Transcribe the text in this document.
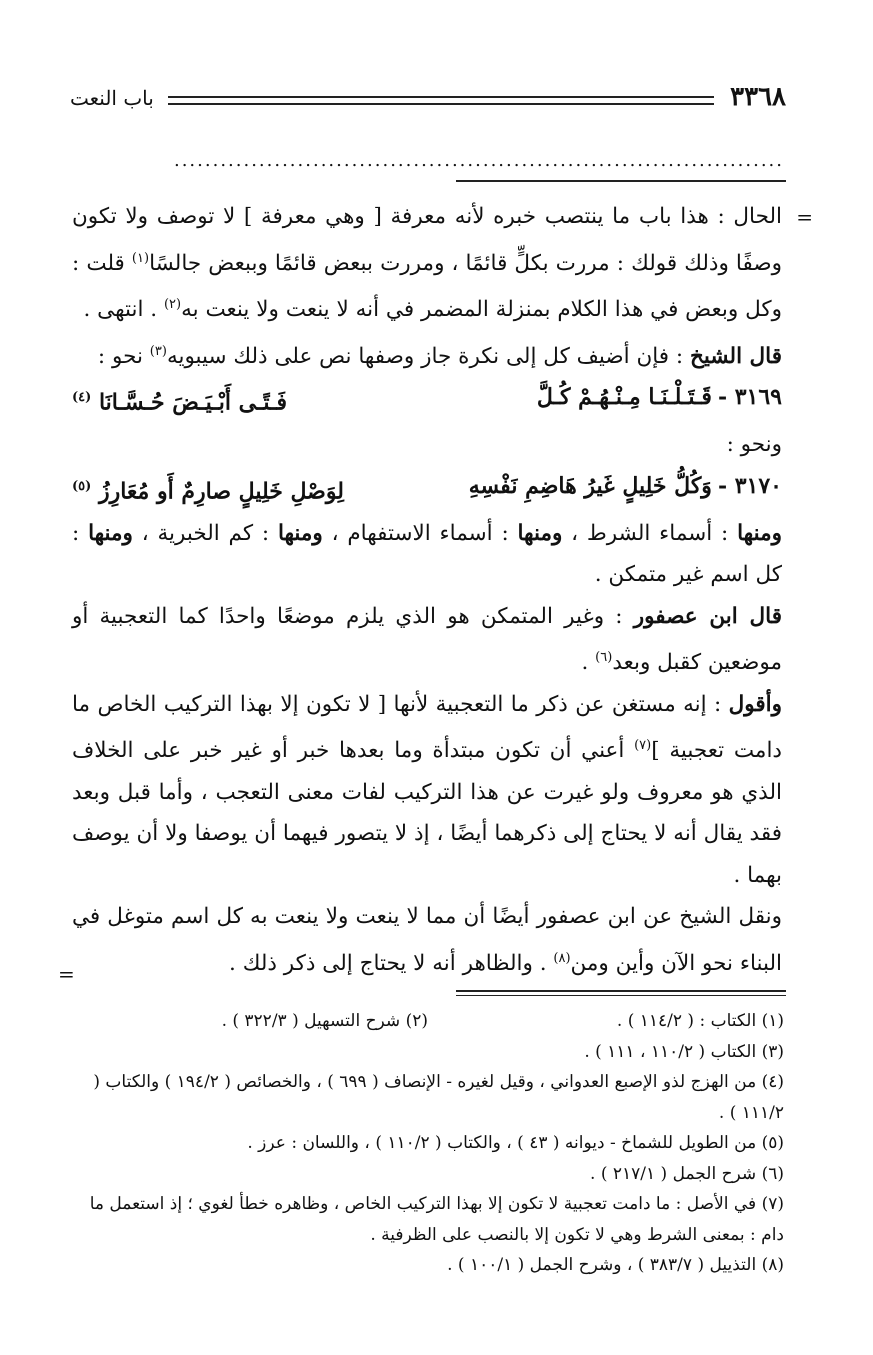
٣٣٦٨
باب النعت
...............................................................................
=
=

الحال : هذا باب ما ينتصب خبره لأنه معرفة [ وهي معرفة ] لا توصف ولا تكون وصفًا وذلك قولك : مررت بكلٍّ قائمًا ، ومررت ببعض قائمًا وببعض جالسًا$^{(١)}$ قلت : وكل وبعض في هذا الكلام بمنزلة المضمر في أنه لا ينعت ولا ينعت به$^{(٢)}$ . انتهى .

قال الشيخ : فإن أضيف كل إلى نكرة جاز وصفها نص على ذلك سيبويه$^{(٣)}$ نحو :

٣١٦٩ -قَـتَـلْـنَـا مِـنْـهُـمْ كُـلَّ
فَـتًـى أَبْـيَـضَ حُـسَّـانَا $^{(٤)}$

ونحو :

٣١٧٠ -وَكُلُّ خَلِيلٍ غَيرُ هَاضِمِ نَفْسِهِ
لِوَصْلِ خَلِيلٍ صارِمٌ أَو مُعَارِزُ $^{(٥)}$

ومنها : أسماء الشرط ، ومنها : أسماء الاستفهام ، ومنها : كم الخبرية ، ومنها : كل اسم غير متمكن .

قال ابن عصفور : وغير المتمكن هو الذي يلزم موضعًا واحدًا كما التعجبية أو موضعين كقبل وبعد$^{(٦)}$ .

وأقول : إنه مستغن عن ذكر ما التعجبية لأنها [ لا تكون إلا بهذا التركيب الخاص ما دامت تعجبية ]$^{(٧)}$ أعني أن تكون مبتدأة وما بعدها خبر أو غير خبر على الخلاف الذي هو معروف ولو غيرت عن هذا التركيب لفات معنى التعجب ، وأما قبل وبعد فقد يقال أنه لا يحتاج إلى ذكرهما أيضًا ، إذ لا يتصور فيهما أن يوصفا ولا أن يوصف بهما .

ونقل الشيخ عن ابن عصفور أيضًا أن مما لا ينعت ولا ينعت به كل اسم متوغل في البناء نحو الآن وأين ومن$^{(٨)}$ . والظاهر أنه لا يحتاج إلى ذكر ذلك .

(١) الكتاب : ( ١١٤/٢ ) .
(٢) شرح التسهيل ( ٣٢٢/٣ ) .
(٣) الكتاب ( ١١٠/٢ ، ١١١ ) .
(٤) من الهزج لذو الإصبع العدواني ، وقيل لغيره - الإنصاف ( ٦٩٩ ) ، والخصائص ( ١٩٤/٢ ) والكتاب ( ١١١/٢ ) .
(٥) من الطويل للشماخ - ديوانه ( ٤٣ ) ، والكتاب ( ١١٠/٢ ) ، واللسان : عرز .
(٦) شرح الجمل ( ٢١٧/١ ) .
(٧) في الأصل : ما دامت تعجبية لا تكون إلا بهذا التركيب الخاص ، وظاهره خطأ لغوي ؛ إذ استعمل ما دام : بمعنى الشرط وهي لا تكون إلا بالنصب على الظرفية .
(٨) التذييل ( ٣٨٣/٧ ) ، وشرح الجمل ( ١٠٠/١ ) .
